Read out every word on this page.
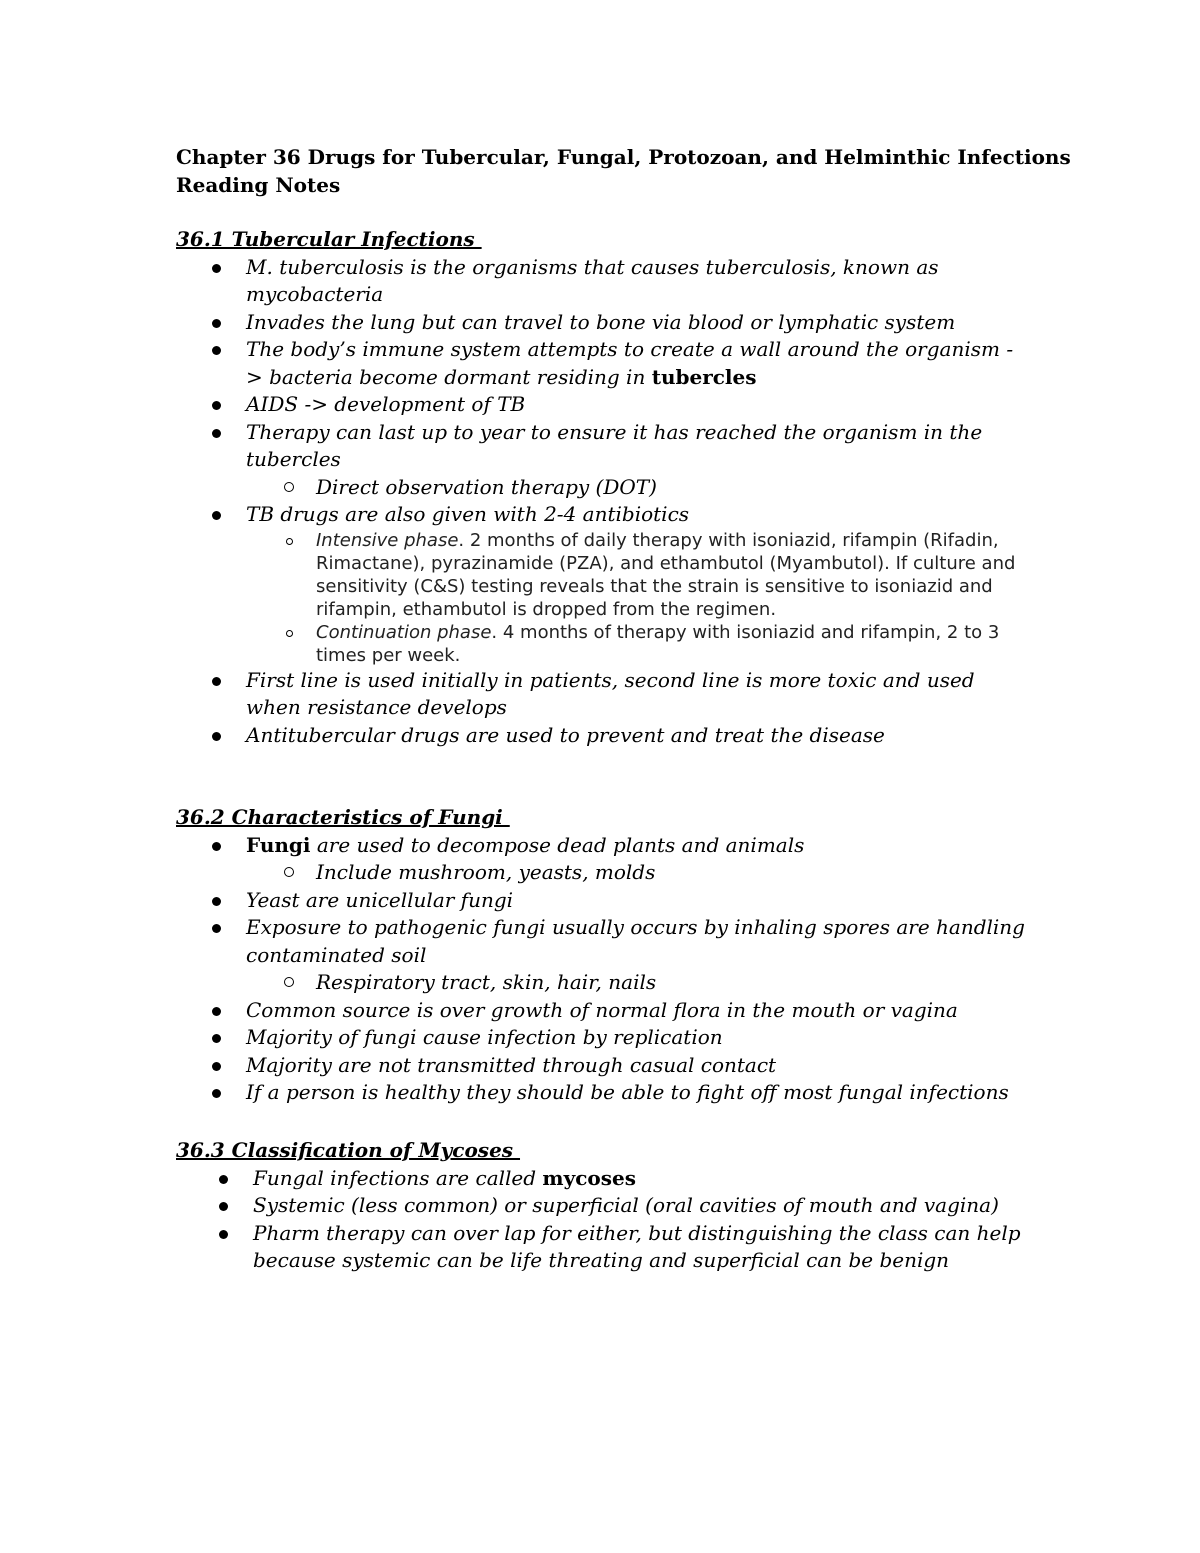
Chapter 36 Drugs for Tubercular, Fungal, Protozoan, and Helminthic Infections
Reading Notes
36.1 Tubercular Infections
M. tuberculosis is the organisms that causes tuberculosis, known as mycobacteria
Invades the lung but can travel to bone via blood or lymphatic system
The body’s immune system attempts to create a wall around the organism -> bacteria become dormant residing in tubercles
AIDS -> development of TB
Therapy can last up to year to ensure it has reached the organism in the tubercles
Direct observation therapy (DOT)
TB drugs are also given with 2-4 antibiotics
Intensive phase. 2 months of daily therapy with isoniazid, rifampin (Rifadin, Rimactane), pyrazinamide (PZA), and ethambutol (Myambutol). If culture and sensitivity (C&S) testing reveals that the strain is sensitive to isoniazid and rifampin, ethambutol is dropped from the regimen.
Continuation phase. 4 months of therapy with isoniazid and rifampin, 2 to 3 times per week.
First line is used initially in patients, second line is more toxic and used when resistance develops
Antitubercular drugs are used to prevent and treat the disease
36.2 Characteristics of Fungi
Fungi are used to decompose dead plants and animals
Include mushroom, yeasts, molds
Yeast are unicellular fungi
Exposure to pathogenic fungi usually occurs by inhaling spores are handling contaminated soil
Respiratory tract, skin, hair, nails
Common source is over growth of normal flora in the mouth or vagina
Majority of fungi cause infection by replication
Majority are not transmitted through casual contact
If a person is healthy they should be able to fight off most fungal infections
36.3 Classification of Mycoses
Fungal infections are called mycoses
Systemic (less common) or superficial (oral cavities of mouth and vagina)
Pharm therapy can over lap for either, but distinguishing the class can help because systemic can be life threating and superficial can be benign
